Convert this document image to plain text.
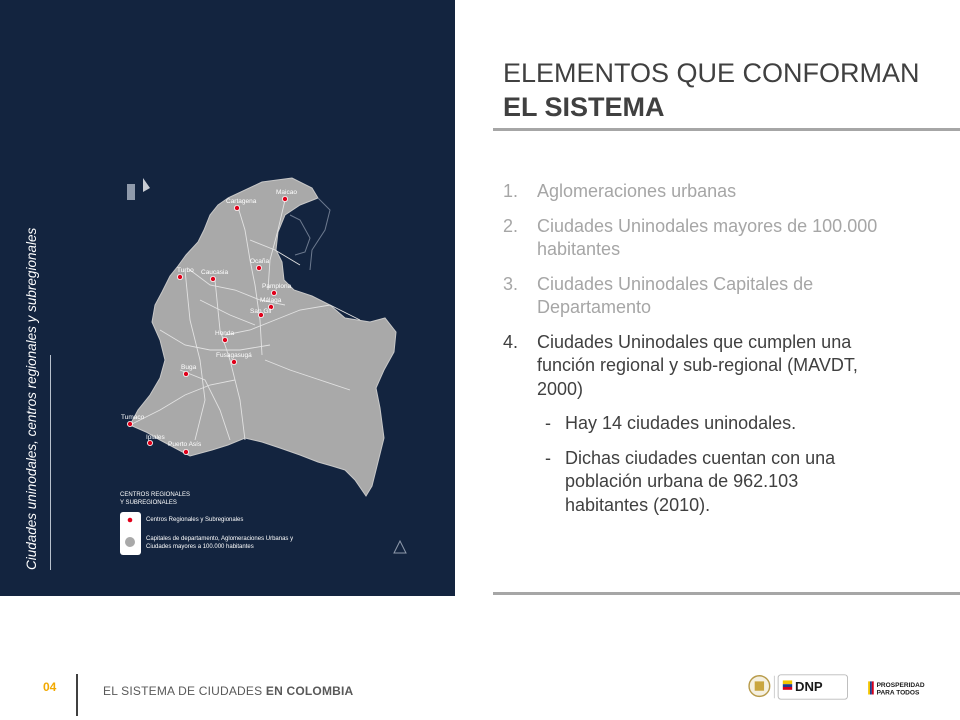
Cartagena
Maicao
Turbo
Ocaña
Caucasia
Pamplona
Málaga
San Gil
Honda
Fusagasugá
Buga
Tumaco
Ipiales
Puerto Asís
CENTROS REGIONALES
Y SUBREGIONALES
Centros Regionales y Subregionales
Capitales de departamento, Aglomeraciones Urbanas y
Ciudades mayores a 100.000 habitantes
Ciudades uninodales, centros regionales y subregionales
ELEMENTOS QUE CONFORMAN
EL SISTEMA
1.	Aglomeraciones urbanas
2.	Ciudades Uninodales mayores de 100.000 habitantes
3.	Ciudades Uninodales Capitales de Departamento
4.	Ciudades Uninodales que cumplen una función regional y sub-regional (MAVDT, 2000)
- Hay 14 ciudades uninodales.
- Dichas ciudades cuentan con una población urbana de 962.103 habitantes (2010).
04	EL SISTEMA DE CIUDADES EN COLOMBIA	DNP	PROSPERIDAD
PARA TODOS
